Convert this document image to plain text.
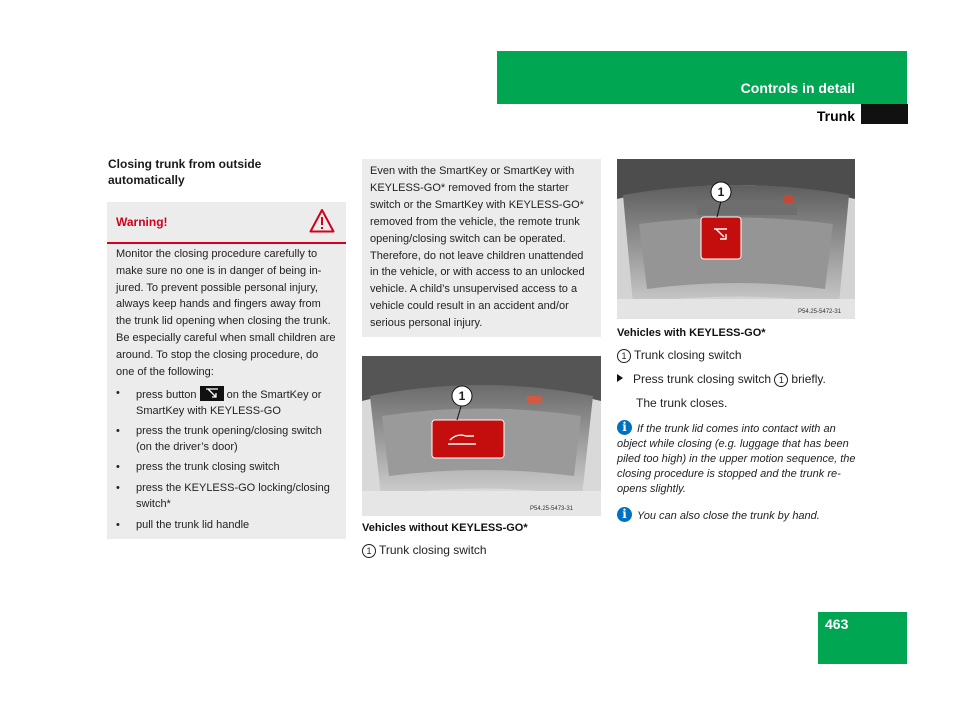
Controls in detail
Trunk
Closing trunk from outside automatically
Warning!
Monitor the closing procedure carefully to make sure no one is in danger of being in- jured. To prevent possible personal injury, always keep hands and fingers away from the trunk lid opening when closing the trunk. Be especially careful when small children are around. To stop the closing procedure, do one of the following:
• press button	on the SmartKey or SmartKey with KEYLESS-GO
• press the trunk opening/closing switch (on the driver’s door)
• press the trunk closing switch
• press the KEYLESS-GO locking/closing switch*
• pull the trunk lid handle
Even with the SmartKey or SmartKey with KEYLESS-GO* removed from the starter switch or the SmartKey with KEYLESS-GO* removed from the vehicle, the remote trunk opening/closing switch can be operated. Therefore, do not leave children unattended in the vehicle, or with access to an unlocked vehicle. A child’s unsupervised access to a vehicle could result in an accident and/or serious personal injury.
1
P54.25-5473-31
Vehicles without KEYLESS-GO*
1 Trunk closing switch
1
P54.25-5472-31
Vehicles with KEYLESS-GO*
1 Trunk closing switch
Press trunk closing switch 1 briefly.
The trunk closes.
i If the trunk lid comes into contact with an object while closing (e.g. luggage that has been piled too high) in the upper motion sequence, the closing procedure is stopped and the trunk re- opens slightly.
i You can also close the trunk by hand.
463
